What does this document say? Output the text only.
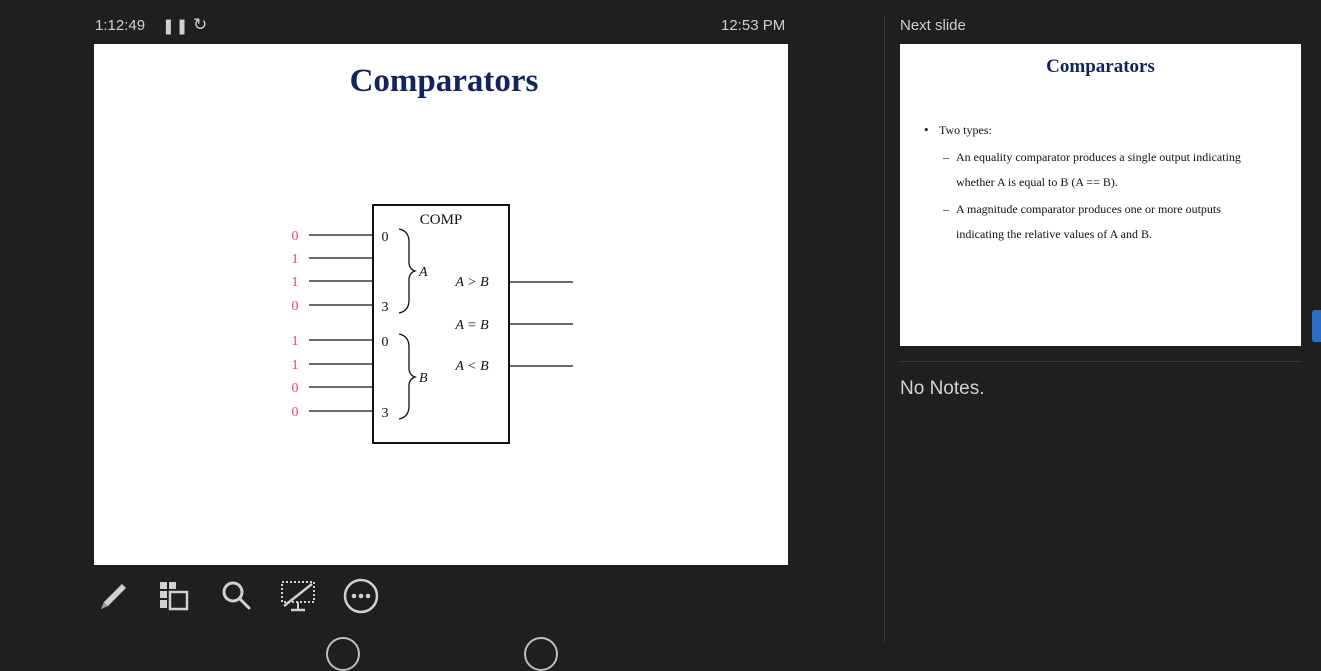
1:12:49 ❚❚ ↻	12:53 PM
Comparators
COMP
0
1
1
0
1
1
0
0
0
3
A
0
3
B
A > B
A = B
A < B
Next slide
Comparators
• Two types:
– An equality comparator produces a single output indicating
whether A is equal to B (A == B).
– A magnitude comparator produces one or more outputs
indicating the relative values of A and B.
No Notes.
